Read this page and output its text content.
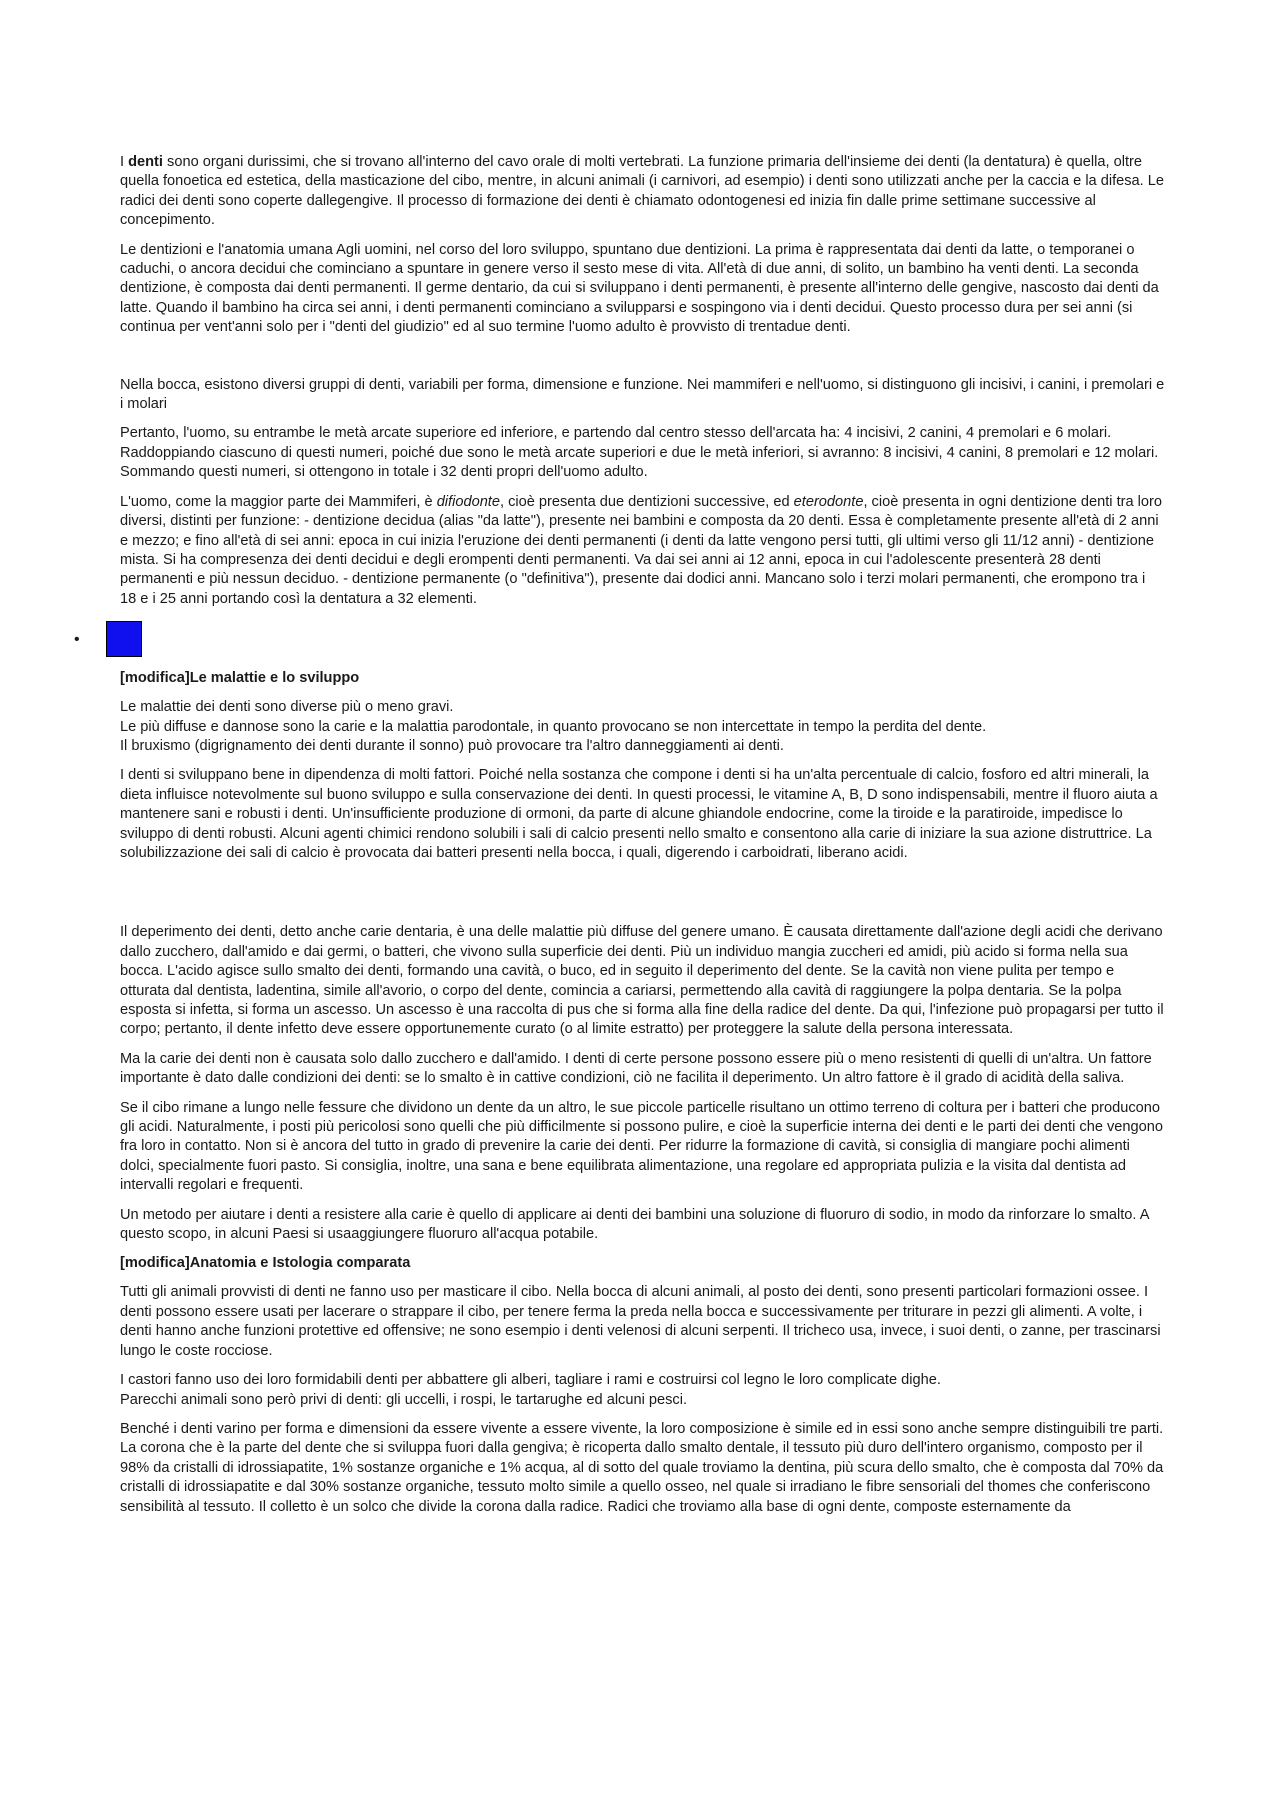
I denti sono organi durissimi, che si trovano all'interno del cavo orale di molti vertebrati. La funzione primaria dell'insieme dei denti (la dentatura) è quella, oltre quella fonoetica ed estetica, della masticazione del cibo, mentre, in alcuni animali (i carnivori, ad esempio) i denti sono utilizzati anche per la caccia e la difesa. Le radici dei denti sono coperte dallegengive. Il processo di formazione dei denti è chiamato odontogenesi ed inizia fin dalle prime settimane successive al concepimento.

Le dentizioni e l'anatomia umana Agli uomini, nel corso del loro sviluppo, spuntano due dentizioni. La prima è rappresentata dai denti da latte, o temporanei o caduchi, o ancora decidui che cominciano a spuntare in genere verso il sesto mese di vita. All'età di due anni, di solito, un bambino ha venti denti. La seconda dentizione, è composta dai denti permanenti. Il germe dentario, da cui si sviluppano i denti permanenti, è presente all'interno delle gengive, nascosto dai denti da latte. Quando il bambino ha circa sei anni, i denti permanenti cominciano a svilupparsi e sospingono via i denti decidui. Questo processo dura per sei anni (si continua per vent'anni solo per i "denti del giudizio" ed al suo termine l'uomo adulto è provvisto di trentadue denti.

Nella bocca, esistono diversi gruppi di denti, variabili per forma, dimensione e funzione. Nei mammiferi e nell'uomo, si distinguono gli incisivi, i canini, i premolari e i molari

Pertanto, l'uomo, su entrambe le metà arcate superiore ed inferiore, e partendo dal centro stesso dell'arcata ha: 4 incisivi, 2 canini, 4 premolari e 6 molari. Raddoppiando ciascuno di questi numeri, poiché due sono le metà arcate superiori e due le metà inferiori, si avranno: 8 incisivi, 4 canini, 8 premolari e 12 molari. Sommando questi numeri, si ottengono in totale i 32 denti propri dell'uomo adulto.

L'uomo, come la maggior parte dei Mammiferi, è difiodonte, cioè presenta due dentizioni successive, ed eterodonte, cioè presenta in ogni dentizione denti tra loro diversi, distinti per funzione: - dentizione decidua (alias "da latte"), presente nei bambini e composta da 20 denti. Essa è completamente presente all'età di 2 anni e mezzo; e fino all'età di sei anni: epoca in cui inizia l'eruzione dei denti permanenti (i denti da latte vengono persi tutti, gli ultimi verso gli 11/12 anni) - dentizione mista. Si ha compresenza dei denti decidui e degli erompenti denti permanenti. Va dai sei anni ai 12 anni, epoca in cui l'adolescente presenterà 28 denti permanenti e più nessun deciduo. - dentizione permanente (o "definitiva"), presente dai dodici anni. Mancano solo i terzi molari permanenti, che erompono tra i 18 e i 25 anni portando così la dentatura a 32 elementi.

•
[modifica]Le malattie e lo sviluppo

Le malattie dei denti sono diverse più o meno gravi.
Le più diffuse e dannose sono la carie e la malattia parodontale, in quanto provocano se non intercettate in tempo la perdita del dente.
Il bruxismo (digrignamento dei denti durante il sonno) può provocare tra l'altro danneggiamenti ai denti.

I denti si sviluppano bene in dipendenza di molti fattori. Poiché nella sostanza che compone i denti si ha un'alta percentuale di calcio, fosforo ed altri minerali, la dieta influisce notevolmente sul buono sviluppo e sulla conservazione dei denti. In questi processi, le vitamine A, B, D sono indispensabili, mentre il fluoro aiuta a mantenere sani e robusti i denti. Un'insufficiente produzione di ormoni, da parte di alcune ghiandole endocrine, come la tiroide e la paratiroide, impedisce lo sviluppo di denti robusti. Alcuni agenti chimici rendono solubili i sali di calcio presenti nello smalto e consentono alla carie di iniziare la sua azione distruttrice. La solubilizzazione dei sali di calcio è provocata dai batteri presenti nella bocca, i quali, digerendo i carboidrati, liberano acidi.

Il deperimento dei denti, detto anche carie dentaria, è una delle malattie più diffuse del genere umano. È causata direttamente dall'azione degli acidi che derivano dallo zucchero, dall'amido e dai germi, o batteri, che vivono sulla superficie dei denti. Più un individuo mangia zuccheri ed amidi, più acido si forma nella sua bocca. L'acido agisce sullo smalto dei denti, formando una cavità, o buco, ed in seguito il deperimento del dente. Se la cavità non viene pulita per tempo e otturata dal dentista, ladentina, simile all'avorio, o corpo del dente, comincia a cariarsi, permettendo alla cavità di raggiungere la polpa dentaria. Se la polpa esposta si infetta, si forma un ascesso. Un ascesso è una raccolta di pus che si forma alla fine della radice del dente. Da qui, l'infezione può propagarsi per tutto il corpo; pertanto, il dente infetto deve essere opportunemente curato (o al limite estratto) per proteggere la salute della persona interessata.

Ma la carie dei denti non è causata solo dallo zucchero e dall'amido. I denti di certe persone possono essere più o meno resistenti di quelli di un'altra. Un fattore importante è dato dalle condizioni dei denti: se lo smalto è in cattive condizioni, ciò ne facilita il deperimento. Un altro fattore è il grado di acidità della saliva.

Se il cibo rimane a lungo nelle fessure che dividono un dente da un altro, le sue piccole particelle risultano un ottimo terreno di coltura per i batteri che producono gli acidi. Naturalmente, i posti più pericolosi sono quelli che più difficilmente si possono pulire, e cioè la superficie interna dei denti e le parti dei denti che vengono fra loro in contatto. Non si è ancora del tutto in grado di prevenire la carie dei denti. Per ridurre la formazione di cavità, si consiglia di mangiare pochi alimenti dolci, specialmente fuori pasto. Si consiglia, inoltre, una sana e bene equilibrata alimentazione, una regolare ed appropriata pulizia e la visita dal dentista ad intervalli regolari e frequenti.

Un metodo per aiutare i denti a resistere alla carie è quello di applicare ai denti dei bambini una soluzione di fluoruro di sodio, in modo da rinforzare lo smalto. A questo scopo, in alcuni Paesi si usaaggiungere fluoruro all'acqua potabile.

[modifica]Anatomia e Istologia comparata

Tutti gli animali provvisti di denti ne fanno uso per masticare il cibo. Nella bocca di alcuni animali, al posto dei denti, sono presenti particolari formazioni ossee. I denti possono essere usati per lacerare o strappare il cibo, per tenere ferma la preda nella bocca e successivamente per triturare in pezzi gli alimenti. A volte, i denti hanno anche funzioni protettive ed offensive; ne sono esempio i denti velenosi di alcuni serpenti. Il tricheco usa, invece, i suoi denti, o zanne, per trascinarsi lungo le coste rocciose.

I castori fanno uso dei loro formidabili denti per abbattere gli alberi, tagliare i rami e costruirsi col legno le loro complicate dighe.
Parecchi animali sono però privi di denti: gli uccelli, i rospi, le tartarughe ed alcuni pesci.

Benché i denti varino per forma e dimensioni da essere vivente a essere vivente, la loro composizione è simile ed in essi sono anche sempre distinguibili tre parti. La corona che è la parte del dente che si sviluppa fuori dalla gengiva; è ricoperta dallo smalto dentale, il tessuto più duro dell'intero organismo, composto per il 98% da cristalli di idrossiapatite, 1% sostanze organiche e 1% acqua, al di sotto del quale troviamo la dentina, più scura dello smalto, che è composta dal 70% da cristalli di idrossiapatite e dal 30% sostanze organiche, tessuto molto simile a quello osseo, nel quale si irradiano le fibre sensoriali del thomes che conferiscono sensibilità al tessuto. Il colletto è un solco che divide la corona dalla radice. Radici che troviamo alla base di ogni dente, composte esternamente da
